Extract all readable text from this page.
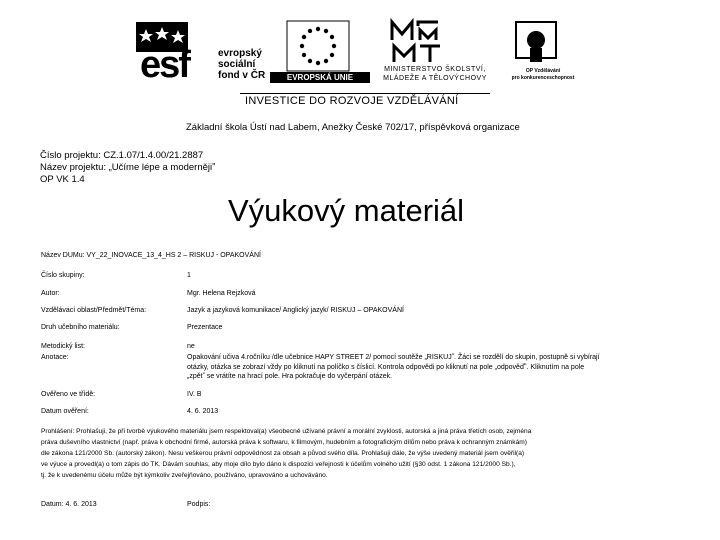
esf	evropský
sociální
fond v ČR	EVROPSKÁ UNIE
MINISTERSTVO ŠKOLSTVÍ,
MLÁDEŽE A TĚLOVÝCHOVY
OP Vzdělávání
pro konkurenceschopnost
INVESTICE DO ROZVOJE VZDĚLÁVÁNÍ
Základní škola Ústí nad Labem, Anežky České 702/17, příspěvková organizace
Číslo projektu: CZ.1.07/1.4.00/21.2887
Název projektu: „Učíme lépe a modernějiˮ
OP VK 1.4
Výukový materiál
Název DUMu: VY_22_INOVACE_13_4_HS 2 – RISKUJ - OPAKOVÁNÍ
Číslo skupiny:	1
Autor:	Mgr. Helena Rejzková
Vzdělávací oblast/Předmět/Téma:	Jazyk a jazyková komunikace/ Anglický jazyk/ RISKUJ – OPAKOVÁNÍ
Druh učebního materiálu:	Prezentace
Metodický list:	ne
Anotace:	Opakování učiva 4.ročníku /dle učebnice HAPY STREET 2/ pomocí soutěže „RISKUJˮ. Žáci se rozdělí do skupin, postupně si vybírají
otázky, otázka se zobrazí vždy po kliknutí na políčko s číslicí. Kontrola odpovědi po kliknutí na pole „odpověďˮ. Kliknutím na pole
„zpětˮ se vrátíte na hrací pole. Hra pokračuje do vyčerpání otázek.
Ověřeno ve třídě:	IV. B
Datum ověření:	4. 6. 2013
Prohlášení: Prohlašuji, že při tvorbě výukového materiálu jsem respektoval(a) všeobecně užívané právní a morální zvyklosti, autorská a jiná práva třetích osob, zejména
práva duševního vlastnictví (např. práva k obchodní firmě, autorská práva k softwaru, k filmovým, hudebním a fotografickým dílům nebo práva k ochranným známkám)
dle zákona 121/2000 Sb. (autorský zákon). Nesu veškerou právní odpovědnost za obsah a původ svého díla. Prohlašuji dále, že výše uvedený materiál jsem ověřil(a)
ve výuce a provedl(a) o tom zápis do TK. Dávám souhlas, aby moje dílo bylo dáno k dispozici veřejnosti k účelům volného užití (§30 odst. 1 zákona 121/2000 Sb.),
tj. že k uvedenému účelu může být kýmkoliv zveřejňováno, používáno, upravováno a uchováváno.
Datum: 4. 6. 2013	Podpis:
